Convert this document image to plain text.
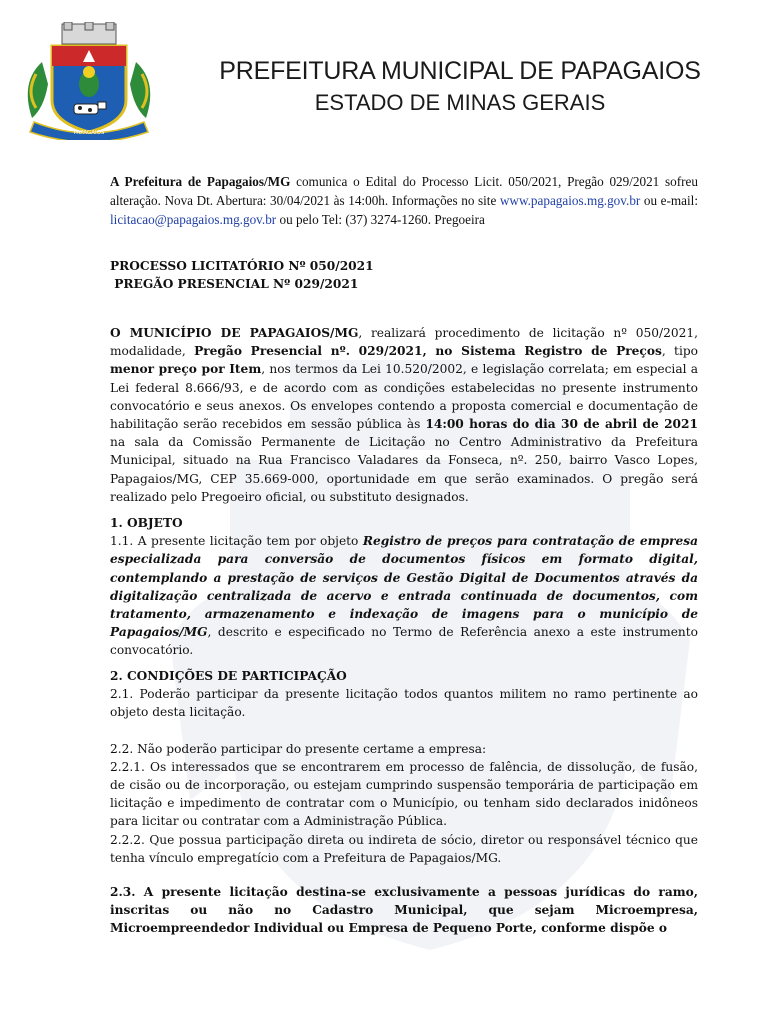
PAPAGAIOS
PREFEITURA MUNICIPAL DE PAPAGAIOS
ESTADO DE MINAS GERAIS
A Prefeitura de Papagaios/MG comunica o Edital do Processo Licit. 050/2021, Pregão 029/2021 sofreu alteração. Nova Dt. Abertura: 30/04/2021 às 14:00h. Informações no site www.papagaios.mg.gov.br ou e-mail: licitacao@papagaios.mg.gov.br ou pelo Tel: (37) 3274-1260. Pregoeira
PROCESSO LICITATÓRIO Nº 050/2021
PREGÃO PRESENCIAL Nº 029/2021
O MUNICÍPIO DE PAPAGAIOS/MG, realizará procedimento de licitação nº 050/2021, modalidade, Pregão Presencial nº. 029/2021, no Sistema Registro de Preços, tipo menor preço por Item, nos termos da Lei 10.520/2002, e legislação correlata; em especial a Lei federal 8.666/93, e de acordo com as condições estabelecidas no presente instrumento convocatório e seus anexos. Os envelopes contendo a proposta comercial e documentação de habilitação serão recebidos em sessão pública às 14:00 horas do dia 30 de abril de 2021 na sala da Comissão Permanente de Licitação no Centro Administrativo da Prefeitura Municipal, situado na Rua Francisco Valadares da Fonseca, nº. 250, bairro Vasco Lopes, Papagaios/MG, CEP 35.669-000, oportunidade em que serão examinados. O pregão será realizado pelo Pregoeiro oficial, ou substituto designados.
1. OBJETO

1.1. A presente licitação tem por objeto Registro de preços para contratação de empresa especializada para conversão de documentos físicos em formato digital, contemplando a prestação de serviços de Gestão Digital de Documentos através da digitalização centralizada de acervo e entrada continuada de documentos, com tratamento, armazenamento e indexação de imagens para o município de Papagaios/MG, descrito e especificado no Termo de Referência anexo a este instrumento convocatório.

2. CONDIÇÕES DE PARTICIPAÇÃO

2.1. Poderão participar da presente licitação todos quantos militem no ramo pertinente ao objeto desta licitação.

2.2. Não poderão participar do presente certame a empresa:

2.2.1. Os interessados que se encontrarem em processo de falência, de dissolução, de fusão, de cisão ou de incorporação, ou estejam cumprindo suspensão temporária de participação em licitação e impedimento de contratar com o Município, ou tenham sido declarados inidôneos para licitar ou contratar com a Administração Pública.

2.2.2. Que possua participação direta ou indireta de sócio, diretor ou responsável técnico que tenha vínculo empregatício com a Prefeitura de Papagaios/MG.

2.3. A presente licitação destina-se exclusivamente a pessoas jurídicas do ramo, inscritas ou não no Cadastro Municipal, que sejam Microempresa, Microempreendedor Individual ou Empresa de Pequeno Porte, conforme dispõe o
